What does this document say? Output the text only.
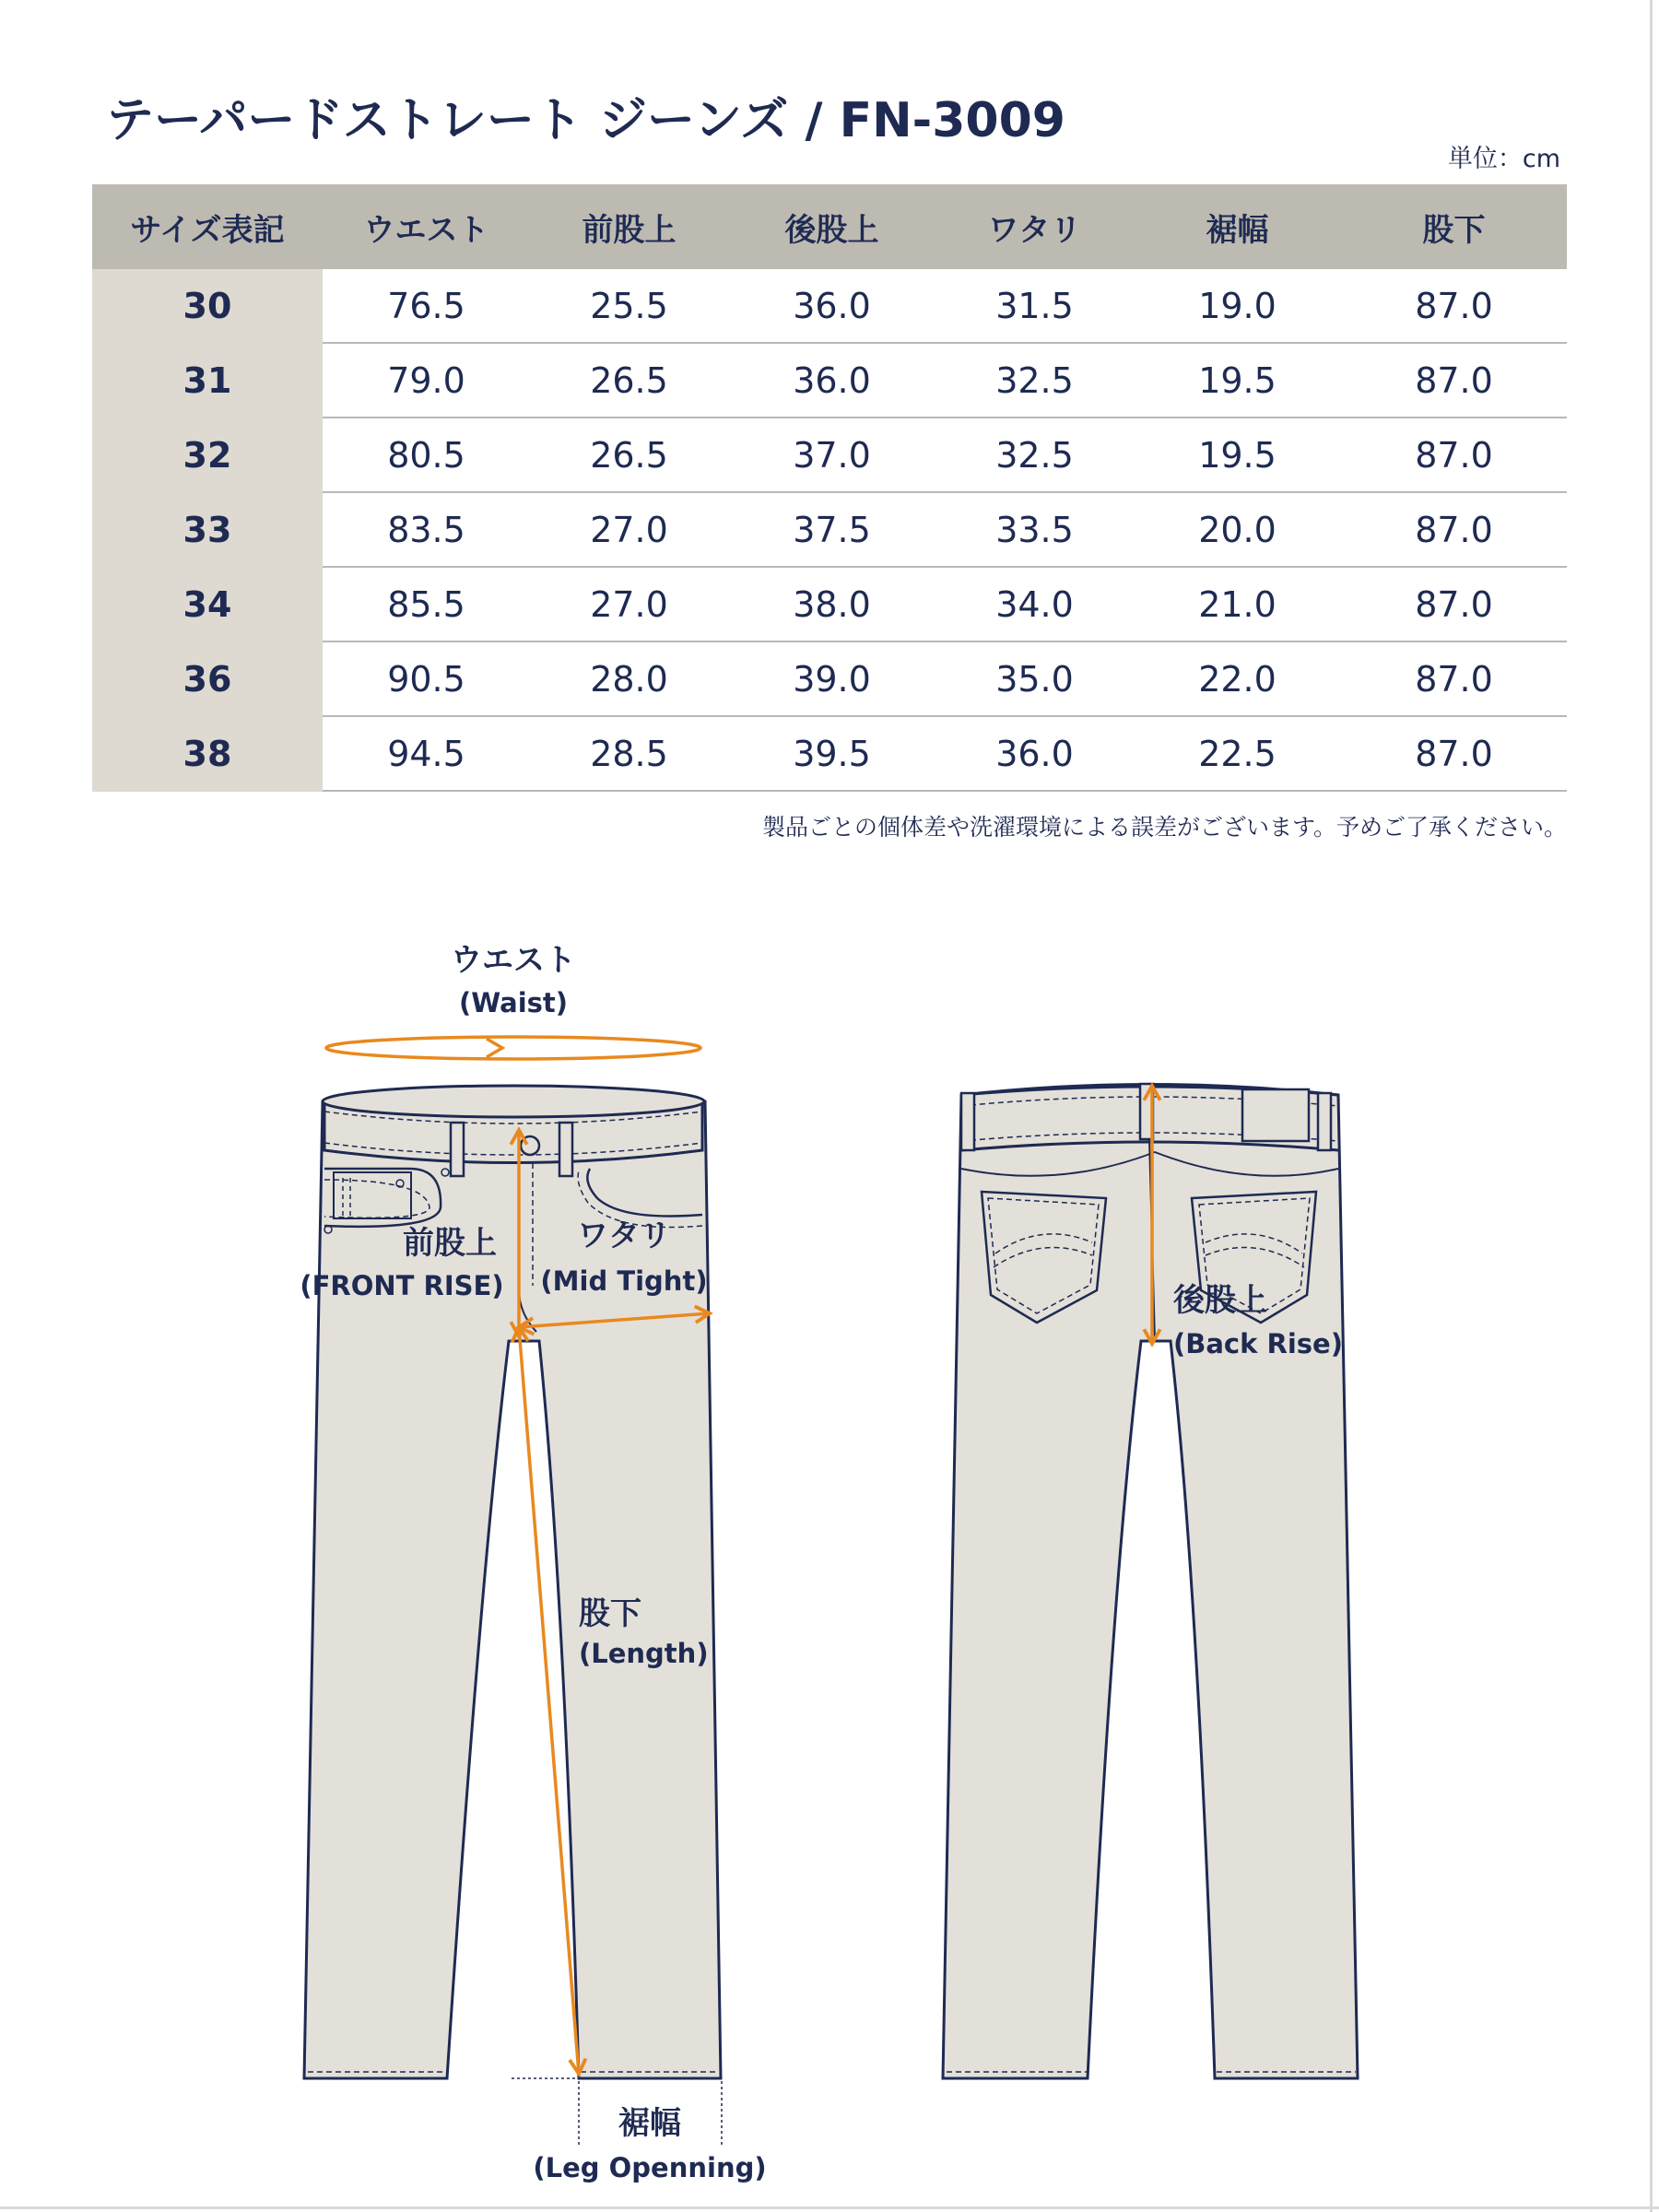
テーパードストレート ジーンズ / FN-3009
単位：cm
サイズ表記	ウエスト	前股上	後股上	ワタリ	裾幅	股下
30	76.5	25.5	36.0	31.5	19.0	87.0
31	79.0	26.5	36.0	32.5	19.5	87.0
32	80.5	26.5	37.0	32.5	19.5	87.0
33	83.5	27.0	37.5	33.5	20.0	87.0
34	85.5	27.0	38.0	34.0	21.0	87.0
36	90.5	28.0	39.0	35.0	22.0	87.0
38	94.5	28.5	39.5	36.0	22.5	87.0
製品ごとの個体差や洗濯環境による誤差がございます。予めご了承ください。
ウエスト
(Waist)
前股上
(FRONT RISE)
ワタリ
(Mid Tight)
股下
(Length)
裾幅
(Leg Openning)
後股上
(Back Rise)
